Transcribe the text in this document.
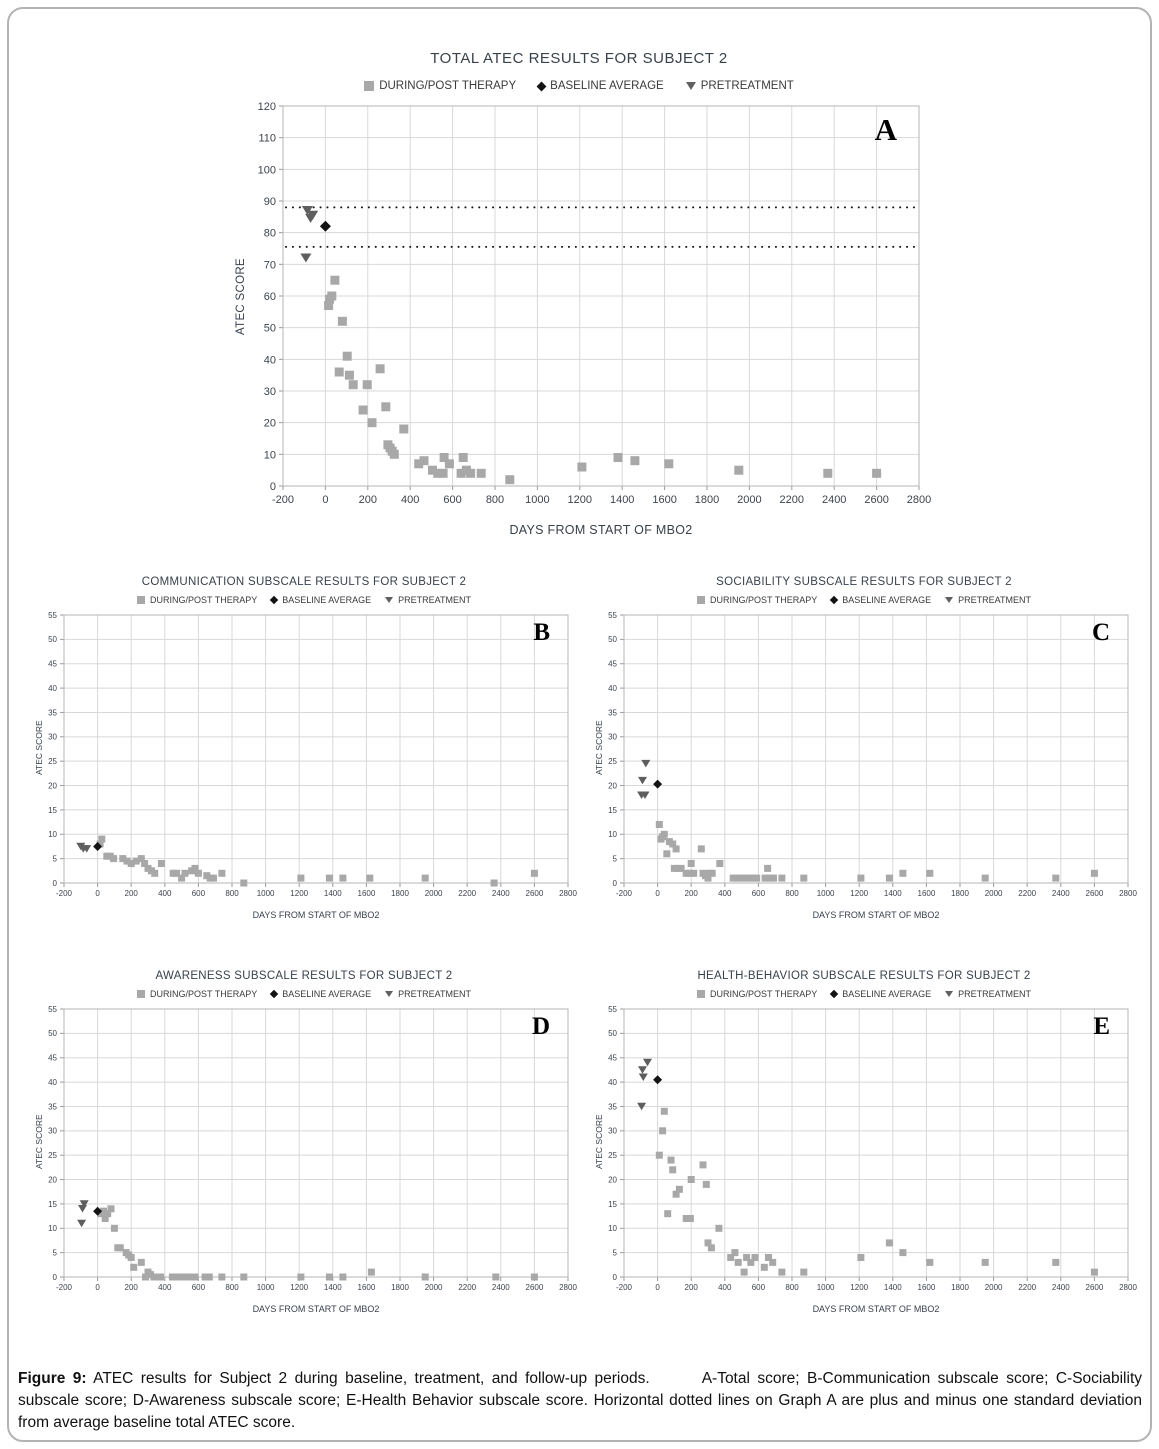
TOTAL ATEC RESULTS FOR SUBJECT 2
DURING/POST THERAPY	BASELINE AVERAGE	PRETREATMENT
0
10
20
30
40
50
60
70
80
90
100
110
120
-200	0	200 400 600 800 1000 1200 1400 1600 1800 2000 2200 2400 2600 2800
ATEC SCORE
A
DAYS FROM START OF MBO2
COMMUNICATION SUBSCALE RESULTS FOR SUBJECT 2
DURING/POST THERAPY	BASELINE AVERAGE	PRETREATMENT
0
5
10
15
20
25
30
35
40
45
50
55
-200	0	200	400	600	800 1000 1200 1400 1600 1800 2000 2200 2400 2600 2800
ATEC SCORE
B
DAYS FROM START OF MBO2
SOCIABILITY SUBSCALE RESULTS FOR SUBJECT 2
DURING/POST THERAPY	BASELINE AVERAGE	PRETREATMENT
0
5
10
15
20
25
30
35
40
45
50
55
-200	0	200	400	600	800 1000 1200 1400 1600 1800 2000 2200 2400 2600 2800
ATEC SCORE
C
DAYS FROM START OF MBO2
AWARENESS SUBSCALE RESULTS FOR SUBJECT 2
DURING/POST THERAPY	BASELINE AVERAGE	PRETREATMENT
0
5
10
15
20
25
30
35
40
45
50
55
-200	0	200	400	600	800 1000 1200 1400 1600 1800 2000 2200 2400 2600 2800
ATEC SCORE
D
DAYS FROM START OF MBO2
HEALTH-BEHAVIOR SUBSCALE RESULTS FOR SUBJECT 2
DURING/POST THERAPY	BASELINE AVERAGE	PRETREATMENT
0
5
10
15
20
25
30
35
40
45
50
55
-200	0	200	400	600	800 1000 1200 1400 1600 1800 2000 2200 2400 2600 2800
ATEC SCORE
E
DAYS FROM START OF MBO2

Figure 9: ATEC results for Subject 2 during baseline, treatment, and follow-up periods.	A-Total score; B-Communication subscale score; C-Sociability subscale score; D-Awareness subscale score; E-Health Behavior subscale score. Horizontal dotted lines on Graph A are plus and minus one standard deviation from average baseline total ATEC score.
